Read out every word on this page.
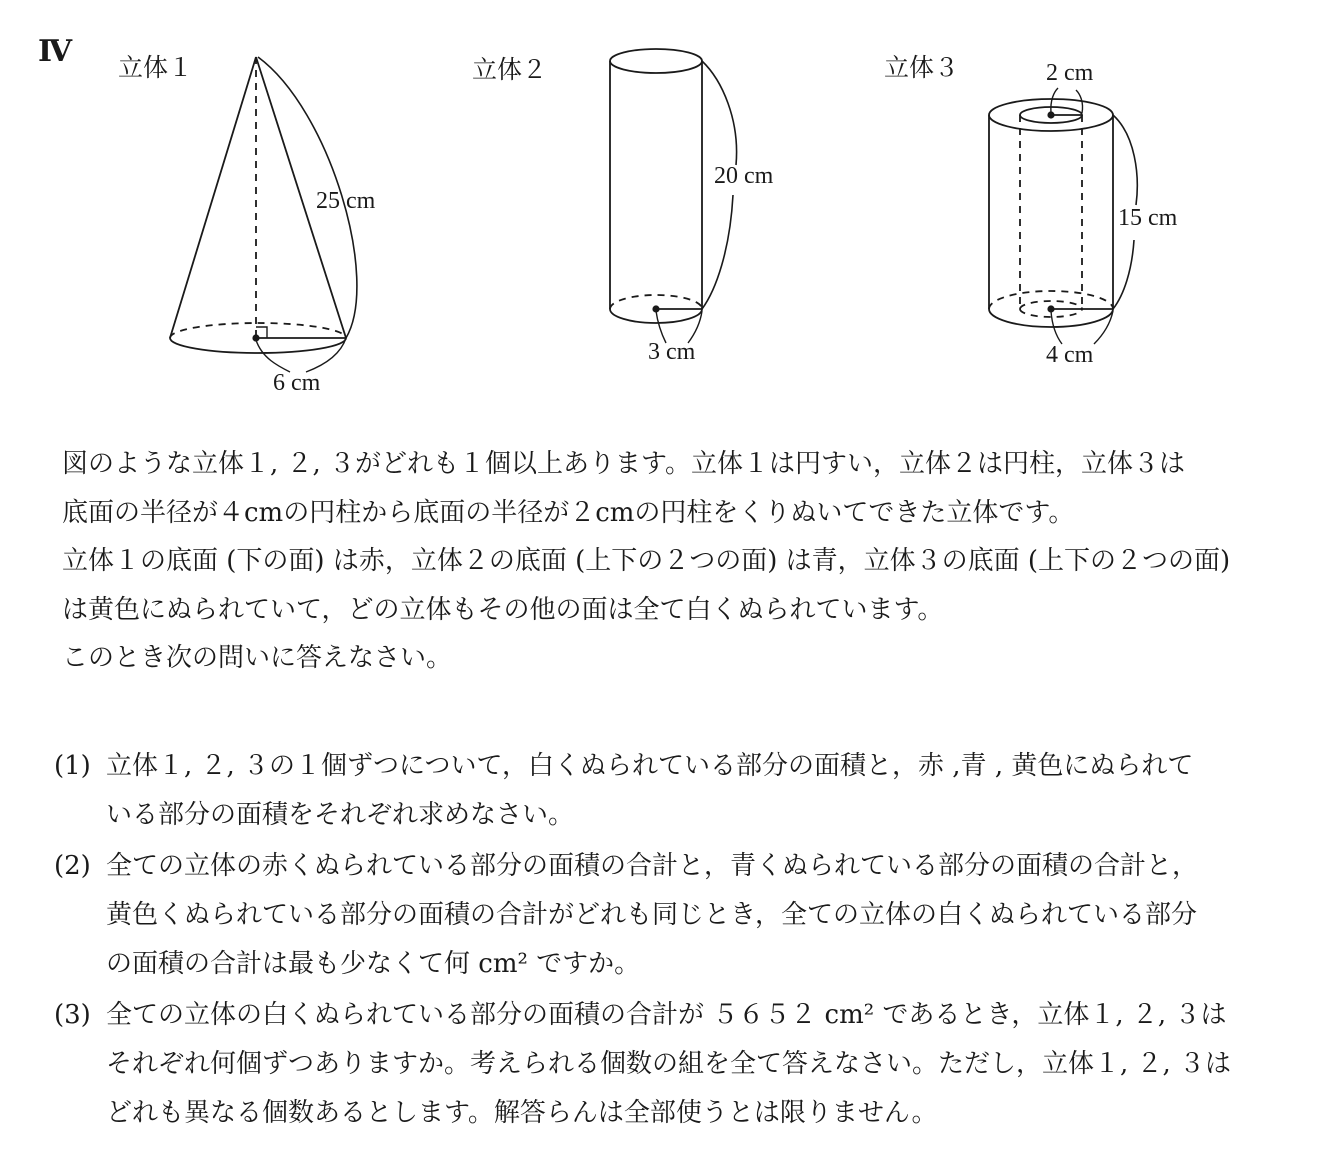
Ⅳ 立体１	立体２	立体３
25 cm
6 cm
20 cm
3 cm
2 cm
15 cm
4 cm

図のような立体１, ２, ３がどれも１個以上あります。立体１は円すい，立体２は円柱，立体３は

底面の半径が４cmの円柱から底面の半径が２cmの円柱をくりぬいてできた立体です。

立体１の底面 (下の面) は赤，立体２の底面 (上下の２つの面) は青，立体３の底面 (上下の２つの面)

は黄色にぬられていて，どの立体もその他の面は全て白くぬられています。

このとき次の問いに答えなさい。

(1) 立体１, ２, ３の１個ずつについて，白くぬられている部分の面積と，赤 ,青 , 黄色にぬられて
いる部分の面積をそれぞれ求めなさい。
(2) 全ての立体の赤くぬられている部分の面積の合計と，青くぬられている部分の面積の合計と，
黄色くぬられている部分の面積の合計がどれも同じとき，全ての立体の白くぬられている部分
の面積の合計は最も少なくて何 cm² ですか。
(3) 全ての立体の白くぬられている部分の面積の合計が ５６５２ cm² であるとき，立体１, ２, ３は
それぞれ何個ずつありますか。考えられる個数の組を全て答えなさい。ただし，立体１, ２, ３は
どれも異なる個数あるとします。解答らんは全部使うとは限りません。
